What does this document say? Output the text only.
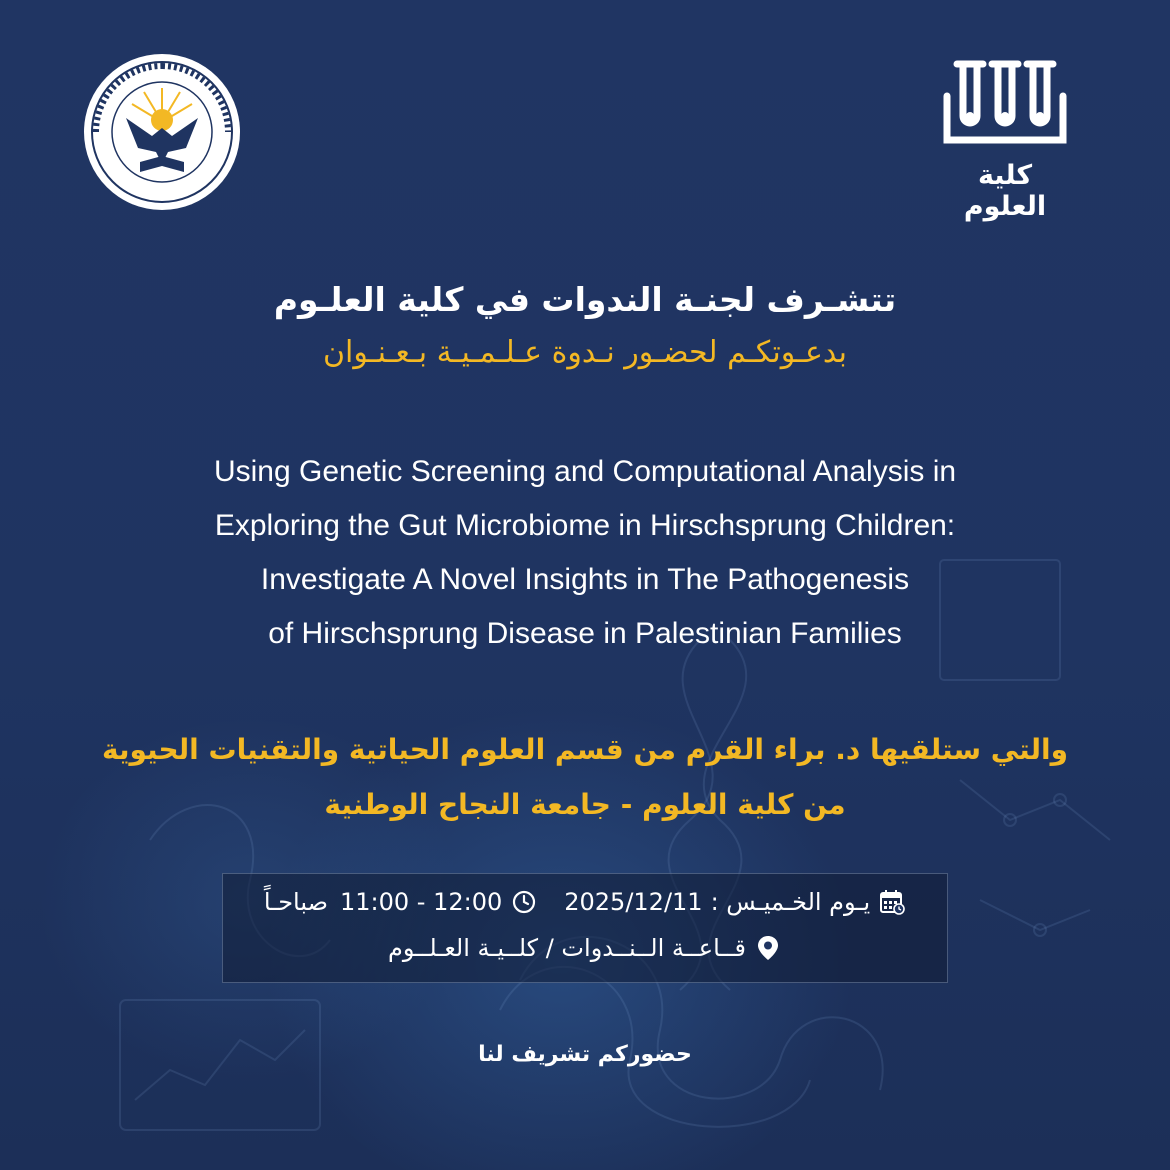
كلية العلوم
تتشـرف لجنـة الندوات في كلية العلـوم
بدعـوتكـم لحضـور نـدوة عـلـمـيـة بـعـنـوان
Using Genetic Screening and Computational Analysis in
Exploring the Gut Microbiome in Hirschsprung Children:
Investigate A Novel Insights in The Pathogenesis
of Hirschsprung Disease in Palestinian Families
والتي ستلقيها د. براء القرم من قسم العلوم الحياتية والتقنيات الحيوية
من كلية العلوم - جامعة النجاح الوطنية
يـوم الخـميـس :
2025/12/11
11:00 - 12:00
صباحـاً
قــاعــة الــنــدوات / كلــيـة العـلــوم
حضوركم تشريف لنا
